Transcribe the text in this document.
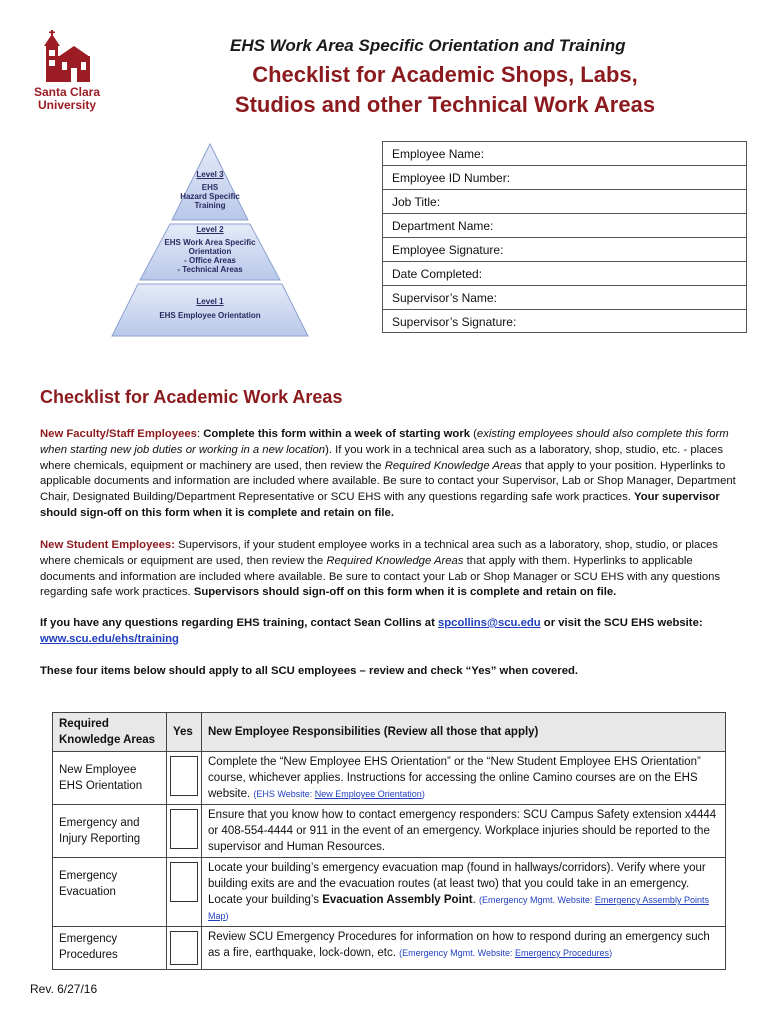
Santa Clara
University
EHS Work Area Specific Orientation and Training
Checklist for Academic Shops, Labs,
Studios and other Technical Work Areas
Level 3
EHS
Hazard Specific
Training
Level 2
EHS Work Area Specific
Orientation
- Office Areas
- Technical Areas
Level 1
EHS Employee Orientation
Employee Name:
Employee ID Number:
Job Title:
Department Name:
Employee Signature:
Date Completed:
Supervisor’s Name:
Supervisor’s Signature:
Checklist for Academic Work Areas
New Faculty/Staff Employees: Complete this form within a week of starting work (existing employees should also complete this form when starting new job duties or working in a new location). If you work in a technical area such as a laboratory, shop, studio, etc. - places where chemicals, equipment or machinery are used, then review the Required Knowledge Areas that apply to your position. Hyperlinks to applicable documents and information are included where available. Be sure to contact your Supervisor, Lab or Shop Manager, Department Chair, Designated Building/Department Representative or SCU EHS with any questions regarding safe work practices. Your supervisor should sign-off on this form when it is complete and retain on file.
New Student Employees: Supervisors, if your student employee works in a technical area such as a laboratory, shop, studio, or places where chemicals or equipment are used, then review the Required Knowledge Areas that apply with them. Hyperlinks to applicable documents and information are included where available. Be sure to contact your Lab or Shop Manager or SCU EHS with any questions regarding safe work practices. Supervisors should sign-off on this form when it is complete and retain on file.
If you have any questions regarding EHS training, contact Sean Collins at spcollins@scu.edu or visit the SCU EHS website: www.scu.edu/ehs/training
These four items below should apply to all SCU employees – review and check “Yes” when covered.
Required
Knowledge Areas	Yes	New Employee Responsibilities (Review all those that apply)

New Employee
EHS Orientation		Complete the “New Employee EHS Orientation” or the “New Student Employee EHS Orientation” course, whichever applies. Instructions for accessing the online Camino courses are on the EHS website. (EHS Website: New Employee Orientation)

Emergency and
Injury Reporting		Ensure that you know how to contact emergency responders: SCU Campus Safety extension x4444 or 408-554-4444 or 911 in the event of an emergency. Workplace injuries should be reported to the supervisor and Human Resources.

Emergency
Evacuation		Locate your building’s emergency evacuation map (found in hallways/corridors). Verify where your building exits are and the evacuation routes (at least two) that you could take in an emergency. Locate your building’s Evacuation Assembly Point. (Emergency Mgmt. Website: Emergency Assembly Points Map)

Emergency
Procedures		Review SCU Emergency Procedures for information on how to respond during an emergency such as a fire, earthquake, lock-down, etc. (Emergency Mgmt. Website: Emergency Procedures)
Rev. 6/27/16
